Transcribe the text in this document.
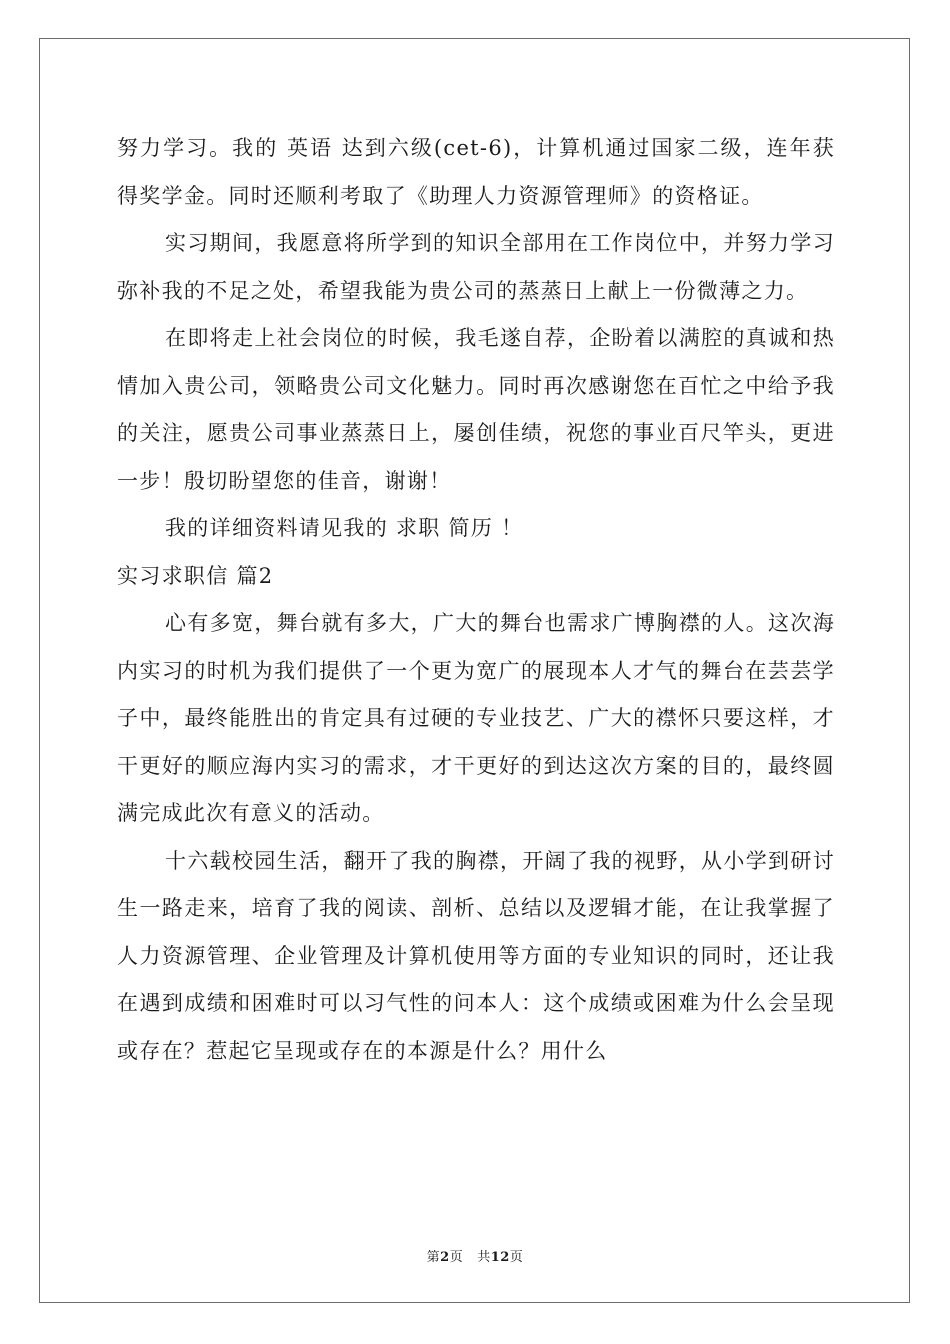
努力学习。我的 英语 达到六级(cet-6)，计算机通过国家二级，连年获得奖学金。同时还顺利考取了《助理人力资源管理师》的资格证。

实习期间，我愿意将所学到的知识全部用在工作岗位中，并努力学习弥补我的不足之处，希望我能为贵公司的蒸蒸日上献上一份微薄之力。

在即将走上社会岗位的时候，我毛遂自荐，企盼着以满腔的真诚和热情加入贵公司，领略贵公司文化魅力。同时再次感谢您在百忙之中给予我的关注，愿贵公司事业蒸蒸日上，屡创佳绩，祝您的事业百尺竿头，更进一步！殷切盼望您的佳音，谢谢！

我的详细资料请见我的 求职 简历 ！

实习求职信 篇2

心有多宽，舞台就有多大，广大的舞台也需求广博胸襟的人。这次海内实习的时机为我们提供了一个更为宽广的展现本人才气的舞台在芸芸学子中，最终能胜出的肯定具有过硬的专业技艺、广大的襟怀只要这样，才干更好的顺应海内实习的需求，才干更好的到达这次方案的目的，最终圆满完成此次有意义的活动。

十六载校园生活，翻开了我的胸襟，开阔了我的视野，从小学到研讨生一路走来，培育了我的阅读、剖析、总结以及逻辑才能，在让我掌握了人力资源管理、企业管理及计算机使用等方面的专业知识的同时，还让我在遇到成绩和困难时可以习气性的问本人：这个成绩或困难为什么会呈现或存在？惹起它呈现或存在的本源是什么？用什么

第2页 共12页
